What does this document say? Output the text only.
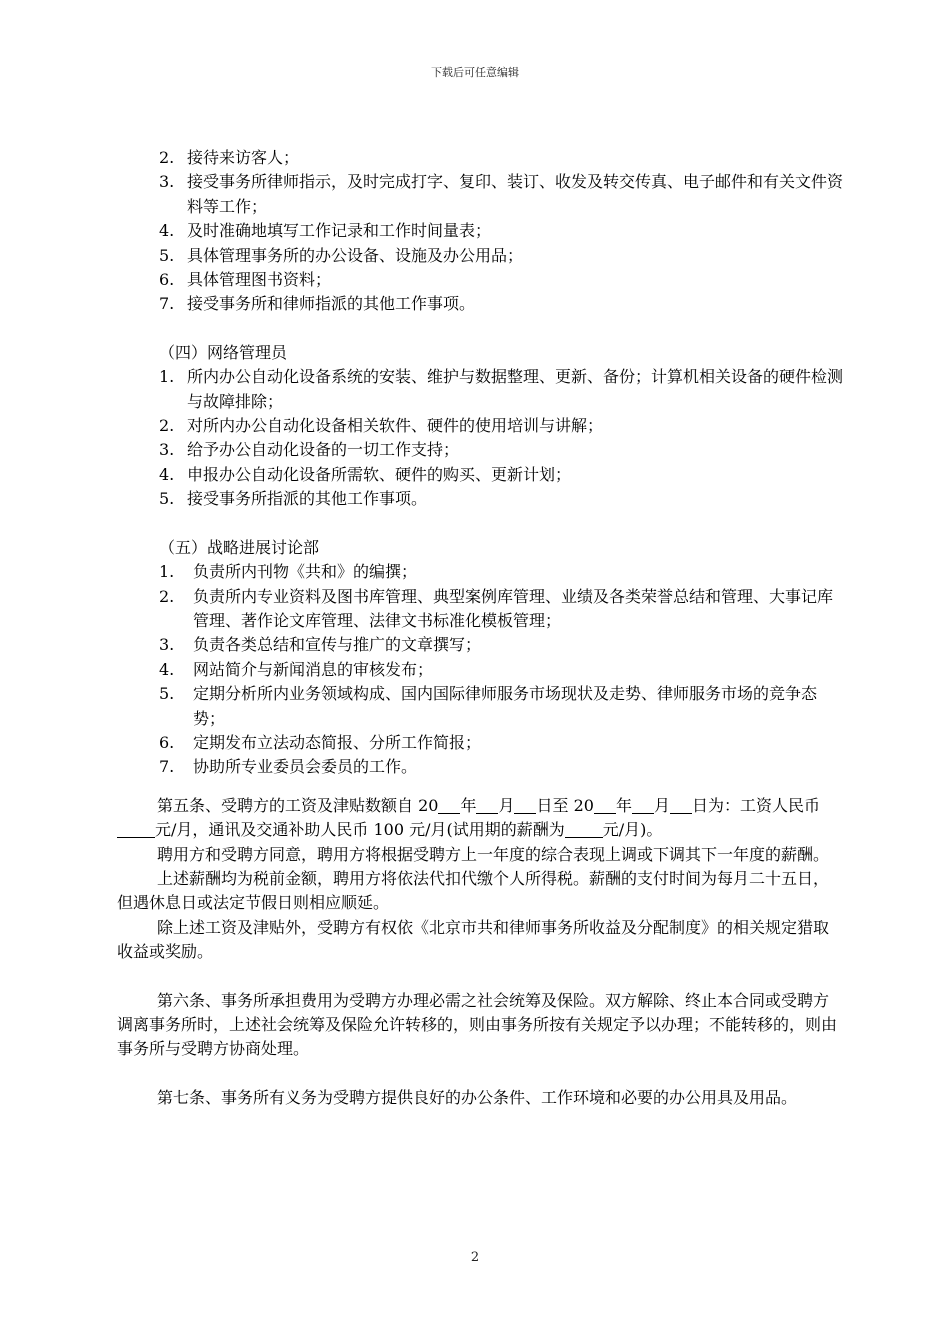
下载后可任意编辑
2. 接待来访客人；
3. 接受事务所律师指示，及时完成打字、复印、装订、收发及转交传真、电子邮件和有关文件资料等工作；
4. 及时准确地填写工作记录和工作时间量表；
5. 具体管理事务所的办公设备、设施及办公用品；
6. 具体管理图书资料；
7. 接受事务所和律师指派的其他工作事项。
（四）网络管理员
1. 所内办公自动化设备系统的安装、维护与数据整理、更新、备份；计算机相关设备的硬件检测与故障排除；
2. 对所内办公自动化设备相关软件、硬件的使用培训与讲解；
3. 给予办公自动化设备的一切工作支持；
4. 申报办公自动化设备所需软、硬件的购买、更新计划；
5. 接受事务所指派的其他工作事项。
（五）战略进展讨论部
1.	负责所内刊物《共和》的编撰；
2.	负责所内专业资料及图书库管理、典型案例库管理、业绩及各类荣誉总结和管理、大事记库管理、著作论文库管理、法律文书标准化模板管理；
3.	负责各类总结和宣传与推广的文章撰写；
4.	网站简介与新闻消息的审核发布；
5.	定期分析所内业务领域构成、国内国际律师服务市场现状及走势、律师服务市场的竞争态势；
6.	定期发布立法动态简报、分所工作简报；
7.	协助所专业委员会委员的工作。

第五条、受聘方的工资及津贴数额自 20 年 月 日至 20 年 月 日为：工资人民币元/月，通讯及交通补助人民币 100 元/月(试用期的薪酬为 元/月)。

聘用方和受聘方同意，聘用方将根据受聘方上一年度的综合表现上调或下调其下一年度的薪酬。

上述薪酬均为税前金额，聘用方将依法代扣代缴个人所得税。薪酬的支付时间为每月二十五日，但遇休息日或法定节假日则相应顺延。

除上述工资及津贴外，受聘方有权依《北京市共和律师事务所收益及分配制度》的相关规定猎取收益或奖励。

第六条、事务所承担费用为受聘方办理必需之社会统筹及保险。双方解除、终止本合同或受聘方调离事务所时，上述社会统筹及保险允许转移的，则由事务所按有关规定予以办理；不能转移的，则由事务所与受聘方协商处理。

第七条、事务所有义务为受聘方提供良好的办公条件、工作环境和必要的办公用具及用品。

2
